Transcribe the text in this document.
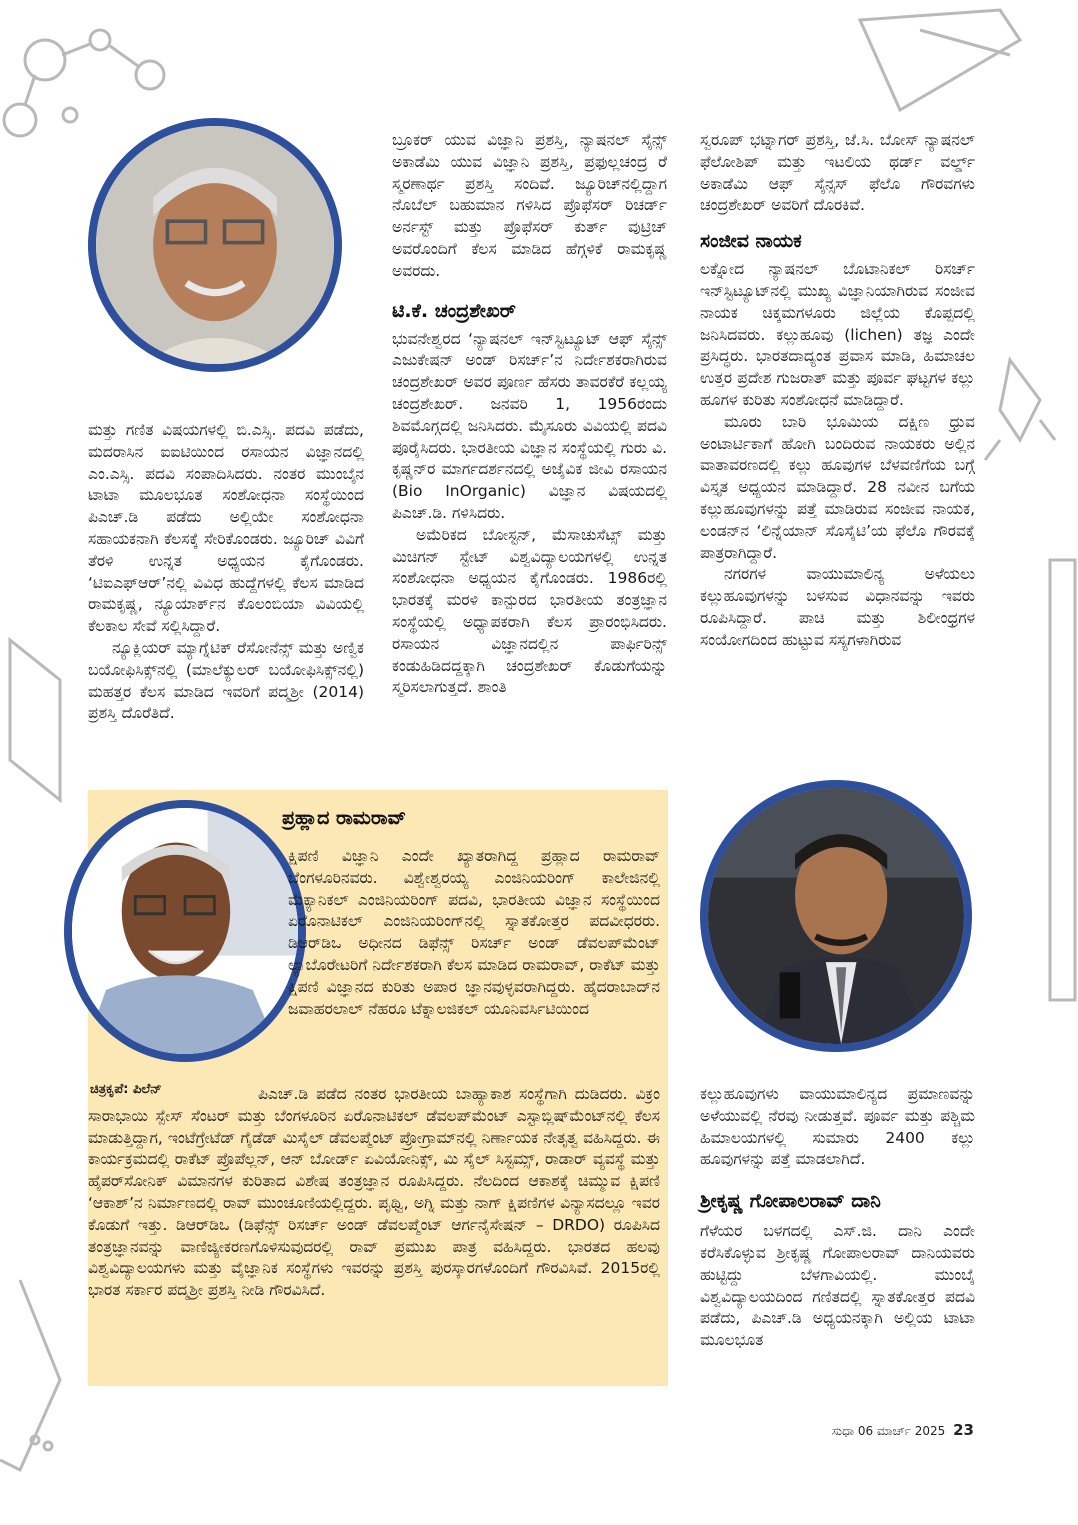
ಮತ್ತು ಗಣಿತ ವಿಷಯಗಳಲ್ಲಿ ಬಿ.ಎಸ್ಸಿ. ಪದವಿ ಪಡೆದು, ಮದರಾಸಿನ ಐಐಟಿಯಿಂದ ರಸಾಯನ ವಿಜ್ಞಾನದಲ್ಲಿ ಎಂ.ಎಸ್ಸಿ. ಪದವಿ ಸಂಪಾದಿಸಿದರು. ನಂತರ ಮುಂಬೈನ ಟಾಟಾ ಮೂಲಭೂತ ಸಂಶೋಧನಾ ಸಂಸ್ಥೆಯಿಂದ ಪಿಎಚ್.ಡಿ ಪಡೆದು ಅಲ್ಲಿಯೇ ಸಂಶೋಧನಾ ಸಹಾಯಕನಾಗಿ ಕೆಲಸಕ್ಕೆ ಸೇರಿಕೊಂಡರು. ಜ್ಯೂರಿಚ್ ವಿವಿಗೆ ತೆರಳಿ ಉನ್ನತ ಅಧ್ಯಯನ ಕೈಗೊಂಡರು. ‘ಟಿಐಎಫ್‌ಆರ್’ನಲ್ಲಿ ವಿವಿಧ ಹುದ್ದೆಗಳಲ್ಲಿ ಕೆಲಸ ಮಾಡಿದ ರಾಮಕೃಷ್ಣ, ನ್ಯೂಯಾರ್ಕ್‌ನ ಕೊಲಂಬಿಯಾ ವಿವಿಯಲ್ಲಿ ಕೆಲಕಾಲ ಸೇವೆ ಸಲ್ಲಿಸಿದ್ದಾರೆ.

ನ್ಯೂಕ್ಲಿಯರ್ ಮ್ಯಾಗ್ನೆಟಿಕ್ ರೆಸೋನೆನ್ಸ್ ಮತ್ತು ಅಣ್ವಿಕ ಬಯೋಫಿಸಿಕ್ಸ್‌ನಲ್ಲಿ (ಮಾಲೆಕ್ಯುಲರ್ ಬಯೋಫಿಸಿಕ್ಸ್‌ನಲ್ಲಿ) ಮಹತ್ತರ ಕೆಲಸ ಮಾಡಿದ ಇವರಿಗೆ ಪದ್ಮಶ್ರೀ (2014) ಪ್ರಶಸ್ತಿ ದೊರೆತಿದೆ.

ಬ್ರೂಕರ್ ಯುವ ವಿಜ್ಞಾನಿ ಪ್ರಶಸ್ತಿ, ನ್ಯಾಷನಲ್ ಸೈನ್ಸ್ ಅಕಾಡೆಮಿ ಯುವ ವಿಜ್ಞಾನಿ ಪ್ರಶಸ್ತಿ, ಪ್ರಫುಲ್ಲಚಂದ್ರ ರೆ ಸ್ಮರಣಾರ್ಥ ಪ್ರಶಸ್ತಿ ಸಂದಿವೆ. ಜ್ಯೂರಿಚ್‌ನಲ್ಲಿದ್ದಾಗ ನೊಬೆಲ್ ಬಹುಮಾನ ಗಳಿಸಿದ ಪ್ರೊಫೆಸರ್ ರಿಚರ್ಡ್ ಅರ್ನಸ್ಟ್ ಮತ್ತು ಪ್ರೊಫೆಸರ್ ಕುರ್ತ್ ವುಟ್ರಿಚ್ ಅವರೊಂದಿಗೆ ಕೆಲಸ ಮಾಡಿದ ಹೆಗ್ಗಳಿಕೆ ರಾಮಕೃಷ್ಣ ಅವರದು.

ಟಿ.ಕೆ. ಚಂದ್ರಶೇಖರ್

ಭುವನೇಶ್ವರದ ‘ನ್ಯಾಷನಲ್ ಇನ್‌ಸ್ಟಿಟ್ಯೂಟ್ ಆಫ್ ಸೈನ್ಸ್ ಎಜುಕೇಷನ್ ಅಂಡ್ ರಿಸರ್ಚ್’ನ ನಿರ್ದೇಶಕರಾಗಿರುವ ಚಂದ್ರಶೇಖರ್ ಅವರ ಪೂರ್ಣ ಹೆಸರು ತಾವರಕೆರೆ ಕಲ್ಲಯ್ಯ ಚಂದ್ರಶೇಖರ್. ಜನವರಿ 1, 1956ರಂದು ಶಿವಮೊಗ್ಗದಲ್ಲಿ ಜನಿಸಿದರು. ಮೈಸೂರು ವಿವಿಯಲ್ಲಿ ಪದವಿ ಪೂರೈಸಿದರು. ಭಾರತೀಯ ವಿಜ್ಞಾನ ಸಂಸ್ಥೆಯಲ್ಲಿ ಗುರು ವಿ. ಕೃಷ್ಣನ್‌ರ ಮಾರ್ಗದರ್ಶನದಲ್ಲಿ ಅಜೈವಿಕ ಜೀವಿ ರಸಾಯನ (Bio InOrganic) ವಿಜ್ಞಾನ ವಿಷಯದಲ್ಲಿ ಪಿಎಚ್.ಡಿ. ಗಳಿಸಿದರು.

ಅಮೆರಿಕದ ಬೋಸ್ಟನ್, ಮೆಸಾಚುಸೆಟ್ಸ್ ಮತ್ತು ಮಿಚಿಗನ್ ಸ್ಟೇಟ್ ವಿಶ್ವವಿದ್ಯಾಲಯಗಳಲ್ಲಿ ಉನ್ನತ ಸಂಶೋಧನಾ ಅಧ್ಯಯನ ಕೈಗೊಂಡರು. 1986ರಲ್ಲಿ ಭಾರತಕ್ಕೆ ಮರಳಿ ಕಾನ್ಪುರದ ಭಾರತೀಯ ತಂತ್ರಜ್ಞಾನ ಸಂಸ್ಥೆಯಲ್ಲಿ ಅಧ್ಯಾಪಕರಾಗಿ ಕೆಲಸ ಪ್ರಾರಂಭಿಸಿದರು. ರಸಾಯನ ವಿಜ್ಞಾನದಲ್ಲಿನ ಪಾರ್ಫಿರಿನ್ಸ್ ಕಂಡುಹಿಡಿದದ್ದಕ್ಕಾಗಿ ಚಂದ್ರಶೇಖರ್ ಕೊಡುಗೆಯನ್ನು ಸ್ಮರಿಸಲಾಗುತ್ತದೆ. ಶಾಂತಿ

ಸ್ವರೂಪ್ ಭಟ್ನಾಗರ್ ಪ್ರಶಸ್ತಿ, ಜೆ.ಸಿ. ಬೋಸ್ ನ್ಯಾಷನಲ್ ಫೆಲೋಶಿಪ್ ಮತ್ತು ಇಟಲಿಯ ಥರ್ಡ್ ವರ್ಲ್ಡ್ ಅಕಾಡೆಮಿ ಆಫ್ ಸೈನ್ಸಸ್ ಫೆಲೊ ಗೌರವಗಳು ಚಂದ್ರಶೇಖರ್ ಅವರಿಗೆ ದೊರಕಿವೆ.

ಸಂಜೀವ ನಾಯಕ

ಲಕ್ನೋದ ನ್ಯಾಷನಲ್ ಬೊಟಾನಿಕಲ್ ರಿಸರ್ಚ್ ಇನ್‌ಸ್ಟಿಟ್ಯೂಟ್‌ನಲ್ಲಿ ಮುಖ್ಯ ವಿಜ್ಞಾನಿಯಾಗಿರುವ ಸಂಜೀವ ನಾಯಕ ಚಿಕ್ಕಮಗಳೂರು ಜಿಲ್ಲೆಯ ಕೊಪ್ಪದಲ್ಲಿ ಜನಿಸಿದವರು. ಕಲ್ಲುಹೂವು (lichen) ತಜ್ಞ ಎಂದೇ ಪ್ರಸಿದ್ಧರು. ಭಾರತದಾದ್ಯಂತ ಪ್ರವಾಸ ಮಾಡಿ, ಹಿಮಾಚಲ ಉತ್ತರ ಪ್ರದೇಶ ಗುಜರಾತ್ ಮತ್ತು ಪೂರ್ವ ಘಟ್ಟಗಳ ಕಲ್ಲು ಹೂಗಳ ಕುರಿತು ಸಂಶೋಧನೆ ಮಾಡಿದ್ದಾರೆ.

ಮೂರು ಬಾರಿ ಭೂಮಿಯ ದಕ್ಷಿಣ ಧ್ರುವ ಅಂಟಾರ್ಟಿಕಾಗೆ ಹೋಗಿ ಬಂದಿರುವ ನಾಯಕರು ಅಲ್ಲಿನ ವಾತಾವರಣದಲ್ಲಿ ಕಲ್ಲು ಹೂವುಗಳ ಬೆಳವಣಿಗೆಯ ಬಗ್ಗೆ ವಿಸ್ತೃತ ಅಧ್ಯಯನ ಮಾಡಿದ್ದಾರೆ. 28 ನವೀನ ಬಗೆಯ ಕಲ್ಲುಹೂವುಗಳನ್ನು ಪತ್ತೆ ಮಾಡಿರುವ ಸಂಜೀವ ನಾಯಕ, ಲಂಡನ್‌ನ ‘ಲಿನ್ನೆಯಾನ್ ಸೊಸೈಟಿ’ಯ ಫೆಲೊ ಗೌರವಕ್ಕೆ ಪಾತ್ರರಾಗಿದ್ದಾರೆ.

ನಗರಗಳ ವಾಯುಮಾಲಿನ್ಯ ಅಳೆಯಲು ಕಲ್ಲುಹೂವುಗಳನ್ನು ಬಳಸುವ ವಿಧಾನವನ್ನು ಇವರು ರೂಪಿಸಿದ್ದಾರೆ. ಪಾಚಿ ಮತ್ತು ಶಿಲೀಂಧ್ರಗಳ ಸಂಯೋಗದಿಂದ ಹುಟ್ಟುವ ಸಸ್ಯಗಳಾಗಿರುವ

ಕಲ್ಲುಹೂವುಗಳು ವಾಯುಮಾಲಿನ್ಯದ ಪ್ರಮಾಣವನ್ನು ಅಳೆಯುವಲ್ಲಿ ನೆರವು ನೀಡುತ್ತವೆ. ಪೂರ್ವ ಮತ್ತು ಪಶ್ಚಿಮ ಹಿಮಾಲಯಗಳಲ್ಲಿ ಸುಮಾರು 2400 ಕಲ್ಲು ಹೂವುಗಳನ್ನು ಪತ್ತೆ ಮಾಡಲಾಗಿದೆ.

ಶ್ರೀಕೃಷ್ಣ ಗೋಪಾಲರಾವ್ ದಾನಿ

ಗೆಳೆಯರ ಬಳಗದಲ್ಲಿ ಎಸ್.ಜಿ. ದಾನಿ ಎಂದೇ ಕರೆಸಿಕೊಳ್ಳುವ ಶ್ರೀಕೃಷ್ಣ ಗೋಪಾಲರಾವ್ ದಾನಿಯವರು ಹುಟ್ಟಿದ್ದು ಬೆಳಗಾವಿಯಲ್ಲಿ. ಮುಂಬೈ ವಿಶ್ವವಿದ್ಯಾಲಯದಿಂದ ಗಣಿತದಲ್ಲಿ ಸ್ನಾತಕೋತ್ತರ ಪದವಿ ಪಡೆದು, ಪಿಎಚ್.ಡಿ ಅಧ್ಯಯನಕ್ಕಾಗಿ ಅಲ್ಲಿಯ ಟಾಟಾ ಮೂಲಭೂತ

ಪ್ರಹ್ಲಾದ ರಾಮರಾವ್

ಕ್ಷಿಪಣಿ ವಿಜ್ಞಾನಿ ಎಂದೇ ಖ್ಯಾತರಾಗಿದ್ದ ಪ್ರಹ್ಲಾದ ರಾಮರಾವ್ ಬೆಂಗಳೂರಿನವರು. ವಿಶ್ವೇಶ್ವರಯ್ಯ ಎಂಜಿನಿಯರಿಂಗ್ ಕಾಲೇಜಿನಲ್ಲಿ ಮೆಕ್ಯಾನಿಕಲ್ ಎಂಜಿನಿಯರಿಂಗ್ ಪದವಿ, ಭಾರತೀಯ ವಿಜ್ಞಾನ ಸಂಸ್ಥೆಯಿಂದ ಏರೊನಾಟಿಕಲ್ ಎಂಜಿನಿಯರಿಂಗ್‌ನಲ್ಲಿ ಸ್ನಾತಕೋತ್ತರ ಪದವೀಧರರು. ಡಿಆರ್‌ಡಿಒ ಅಧೀನದ ಡಿಫೆನ್ಸ್ ರಿಸರ್ಚ್ ಅಂಡ್ ಡೆವಲಪ್‌ಮೆಂಟ್ ಲ್ಯಾಬೊರೇಟರಿಗೆ ನಿರ್ದೇಶಕರಾಗಿ ಕೆಲಸ ಮಾಡಿದ ರಾಮರಾವ್, ರಾಕೆಟ್ ಮತ್ತು ಕ್ಷಿಪಣಿ ವಿಜ್ಞಾನದ ಕುರಿತು ಅಪಾರ ಜ್ಞಾನವುಳ್ಳವರಾಗಿದ್ದರು. ಹೈದರಾಬಾದ್‌ನ ಜವಾಹರಲಾಲ್ ನೆಹರೂ ಟೆಕ್ನಾಲಜಿಕಲ್ ಯೂನಿವರ್ಸಿಟಿಯಿಂದ

ಚಿತ್ರಕೃಪೆ: ಪಿಲೆನ್	ಪಿಎಚ್.ಡಿ ಪಡೆದ ನಂತರ ಭಾರತೀಯ ಬಾಹ್ಯಾಕಾಶ ಸಂಸ್ಥೆಗಾಗಿ ದುಡಿದರು. ವಿಕ್ರಂ ಸಾರಾಭಾಯಿ ಸ್ಪೇಸ್ ಸೆಂಟರ್ ಮತ್ತು ಬೆಂಗಳೂರಿನ ಏರೊನಾಟಿಕಲ್ ಡೆವಲಪ್‌ಮೆಂಟ್ ಎಸ್ಟಾಬ್ಲಿಷ್‌ಮೆಂಟ್‌ನಲ್ಲಿ ಕೆಲಸ ಮಾಡುತ್ತಿದ್ದಾಗ, ಇಂಟೆಗ್ರೇಟೆಡ್ ಗೈಡೆಡ್ ಮಿಸೈಲ್ ಡೆವಲಪ್ಮೆಂಟ್ ಪ್ರೋಗ್ರಾಮ್‌ನಲ್ಲಿ ನಿರ್ಣಾಯಕ ನೇತೃತ್ವ ವಹಿಸಿದ್ದರು. ಈ ಕಾರ್ಯಕ್ರಮದಲ್ಲಿ ರಾಕೆಟ್ ಪ್ರೊಪೆಲ್ಲನ್, ಆನ್ ಬೋರ್ಡ್ ಏವಿಯೋನಿಕ್ಸ್, ಮಿ ಸೈಲ್ ಸಿಸ್ಟಮ್ಸ್, ರಾಡಾರ್ ವ್ಯವಸ್ಥೆ ಮತ್ತು ಹೈಪರ್‌ಸೋನಿಕ್ ವಿಮಾನಗಳ ಕುರಿತಾದ ವಿಶೇಷ ತಂತ್ರಜ್ಞಾನ ರೂಪಿಸಿದ್ದರು. ನೆಲದಿಂದ ಆಕಾಶಕ್ಕೆ ಚಿಮ್ಮುವ ಕ್ಷಿಪಣಿ ‘ಆಕಾಶ್’ನ ನಿರ್ಮಾಣದಲ್ಲಿ ರಾವ್ ಮುಂಚೂಣಿಯಲ್ಲಿದ್ದರು. ಪೃಥ್ವಿ, ಅಗ್ನಿ ಮತ್ತು ನಾಗ್ ಕ್ಷಿಪಣಿಗಳ ವಿನ್ಯಾಸದಲ್ಲೂ ಇವರ ಕೊಡುಗೆ ಇತ್ತು. ಡಿಆರ್‌ಡಿಒ (ಡಿಫೆನ್ಸ್ ರಿಸರ್ಚ್ ಅಂಡ್ ಡೆವಲಪ್ಮೆಂಟ್ ಆರ್ಗನೈಸೇಷನ್ – DRDO) ರೂಪಿಸಿದ ತಂತ್ರಜ್ಞಾನವನ್ನು ವಾಣಿಜ್ಯೀಕರಣಗೊಳಿಸುವುದರಲ್ಲಿ ರಾವ್ ಪ್ರಮುಖ ಪಾತ್ರ ವಹಿಸಿದ್ದರು. ಭಾರತದ ಹಲವು ವಿಶ್ವವಿದ್ಯಾಲಯಗಳು ಮತ್ತು ವೈಜ್ಞಾನಿಕ ಸಂಸ್ಥೆಗಳು ಇವರನ್ನು ಪ್ರಶಸ್ತಿ ಪುರಸ್ಕಾರಗಳೊಂದಿಗೆ ಗೌರವಿಸಿವೆ. 2015ರಲ್ಲಿ ಭಾರತ ಸರ್ಕಾರ ಪದ್ಮಶ್ರೀ ಪ್ರಶಸ್ತಿ ನೀಡಿ ಗೌರವಿಸಿದೆ.

ಸುಧಾ 06 ಮಾರ್ಚ್ 2025 23
